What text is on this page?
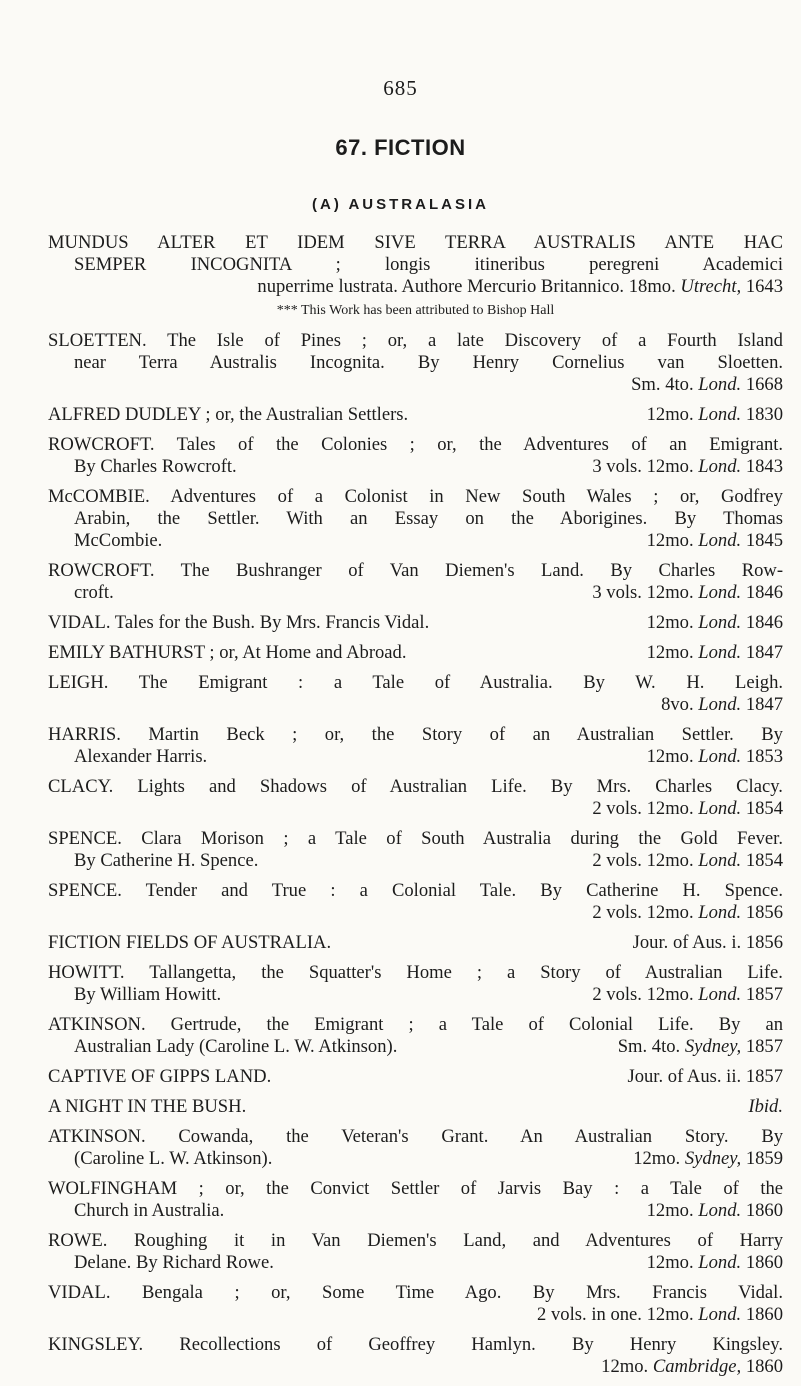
685
67. FICTION
(A) AUSTRALASIA
MUNDUS ALTER ET IDEM SIVE TERRA AUSTRALIS ANTE HAC
SEMPER INCOGNITA ; longis itineribus peregreni Academici
nuperrime lustrata. Authore Mercurio Britannico. 18mo. Utrecht, 1643
*** This Work has been attributed to Bishop Hall
SLOETTEN. The Isle of Pines ; or, a late Discovery of a Fourth Island
near Terra Australis Incognita. By Henry Cornelius van Sloetten.
Sm. 4to. Lond. 1668
ALFRED DUDLEY ; or, the Australian Settlers.	12mo. Lond. 1830
ROWCROFT. Tales of the Colonies ; or, the Adventures of an Emigrant.
By Charles Rowcroft.	3 vols. 12mo. Lond. 1843
McCOMBIE. Adventures of a Colonist in New South Wales ; or, Godfrey
Arabin, the Settler. With an Essay on the Aborigines. By Thomas
McCombie.	12mo. Lond. 1845
ROWCROFT. The Bushranger of Van Diemen's Land. By Charles Row-
croft.	3 vols. 12mo. Lond. 1846
VIDAL. Tales for the Bush. By Mrs. Francis Vidal.	12mo. Lond. 1846
EMILY BATHURST ; or, At Home and Abroad.	12mo. Lond. 1847
LEIGH. The Emigrant : a Tale of Australia. By W. H. Leigh.
8vo. Lond. 1847
HARRIS. Martin Beck ; or, the Story of an Australian Settler. By
Alexander Harris.	12mo. Lond. 1853
CLACY. Lights and Shadows of Australian Life. By Mrs. Charles Clacy.
2 vols. 12mo. Lond. 1854
SPENCE. Clara Morison ; a Tale of South Australia during the Gold Fever.
By Catherine H. Spence.	2 vols. 12mo. Lond. 1854
SPENCE. Tender and True : a Colonial Tale. By Catherine H. Spence.
2 vols. 12mo. Lond. 1856
FICTION FIELDS OF AUSTRALIA.	Jour. of Aus. i. 1856
HOWITT. Tallangetta, the Squatter's Home ; a Story of Australian Life.
By William Howitt.	2 vols. 12mo. Lond. 1857
ATKINSON. Gertrude, the Emigrant ; a Tale of Colonial Life. By an
Australian Lady (Caroline L. W. Atkinson).	Sm. 4to. Sydney, 1857
CAPTIVE OF GIPPS LAND.	Jour. of Aus. ii. 1857
A NIGHT IN THE BUSH.	Ibid.
ATKINSON. Cowanda, the Veteran's Grant. An Australian Story. By
(Caroline L. W. Atkinson).	12mo. Sydney, 1859
WOLFINGHAM ; or, the Convict Settler of Jarvis Bay : a Tale of the
Church in Australia.	12mo. Lond. 1860
ROWE. Roughing it in Van Diemen's Land, and Adventures of Harry
Delane. By Richard Rowe.	12mo. Lond. 1860
VIDAL. Bengala ; or, Some Time Ago. By Mrs. Francis Vidal.
2 vols. in one. 12mo. Lond. 1860
KINGSLEY. Recollections of Geoffrey Hamlyn. By Henry Kingsley.
12mo. Cambridge, 1860
